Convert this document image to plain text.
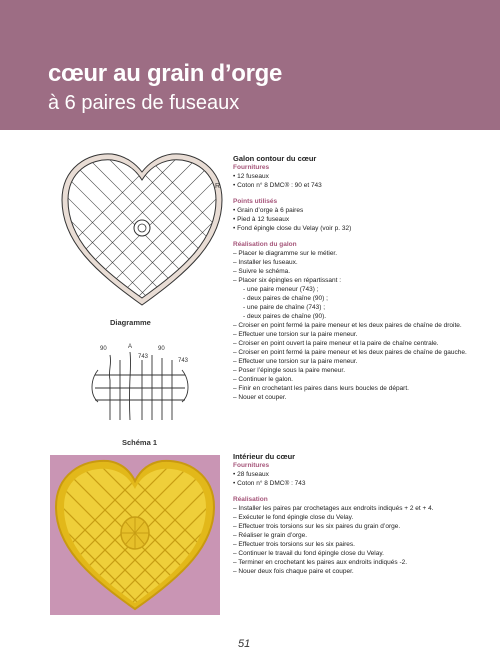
cœur au grain d’orge
à 6 paires de fuseaux
R
Diagramme
90	A
743
90
743
Schéma 1
Galon contour du cœur
Fournitures
• 12 fuseaux
• Coton n° 8 DMC® : 90 et 743
Points utilisés
• Grain d’orge à 6 paires
• Pied à 12 fuseaux
• Fond épingle close du Velay (voir p. 32)
Réalisation du galon
– Placer le diagramme sur le métier.
– Installer les fuseaux.
– Suivre le schéma.
– Placer six épingles en répartissant :
- une paire meneur (743) ;
- deux paires de chaîne (90) ;
- une paire de chaîne (743) ;
- deux paires de chaîne (90).
– Croiser en point fermé la paire meneur et les deux paires de chaîne de droite.
– Effectuer une torsion sur la paire meneur.
– Croiser en point ouvert la paire meneur et la paire de chaîne centrale.
– Croiser en point fermé la paire meneur et les deux paires de chaîne de gauche.
– Effectuer une torsion sur la paire meneur.
– Poser l’épingle sous la paire meneur.
– Continuer le galon.
– Finir en crochetant les paires dans leurs boucles de départ.
– Nouer et couper.
Intérieur du cœur
Fournitures
• 28 fuseaux
• Coton n° 8 DMC® : 743
Réalisation
– Installer les paires par crochetages aux endroits indiqués + 2 et + 4.
– Exécuter le fond épingle close du Velay.
– Effectuer trois torsions sur les six paires du grain d’orge.
– Réaliser le grain d’orge.
– Effectuer trois torsions sur les six paires.
– Continuer le travail du fond épingle close du Velay.
– Terminer en crochetant les paires aux endroits indiqués -2.
– Nouer deux fois chaque paire et couper.
51
